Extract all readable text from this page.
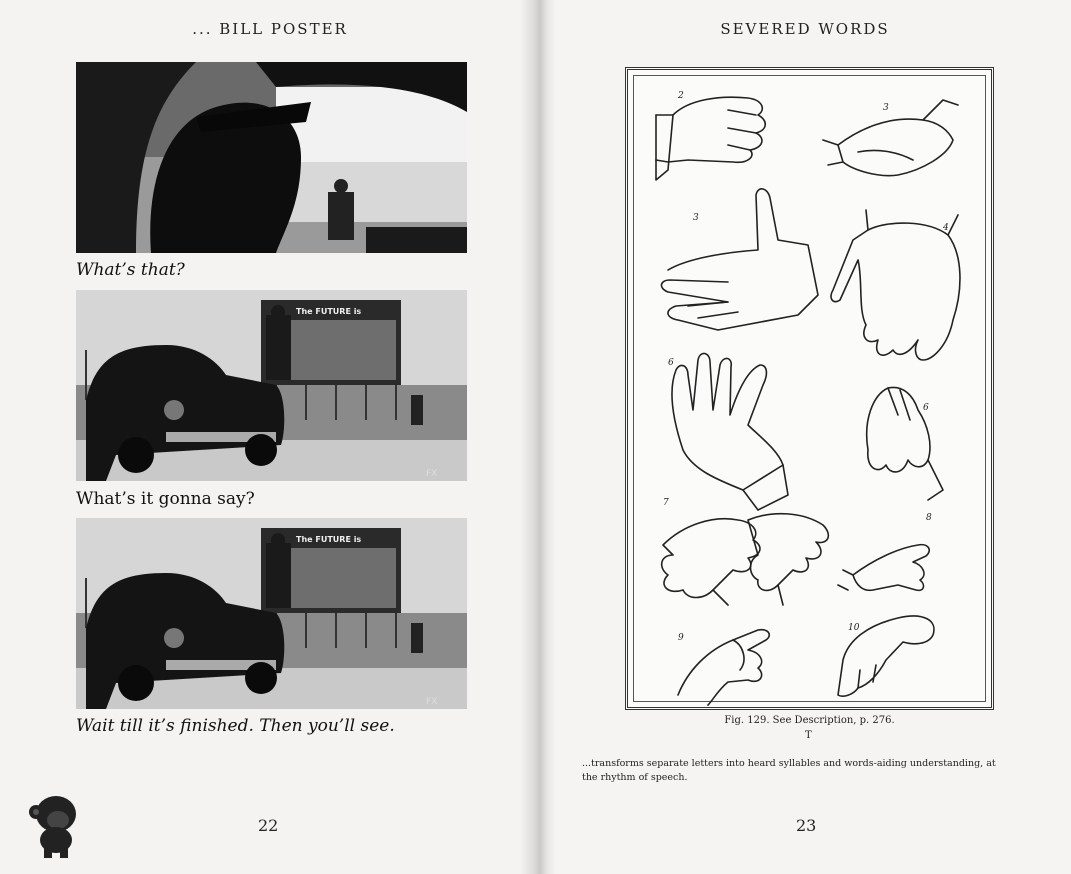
... BILL POSTER
What’s that?
The FUTURE is
FX
What’s it gonna say?
The FUTURE is
FX
Wait till it’s finished. Then you’ll see.
22
SEVERED WORDS
2
3
3
4
6
6
7
8
9
10
Fig. 129. See Description, p. 276.
T
...transforms separate letters into heard syllables and words-aiding understanding, at the rhythm of speech.
23
